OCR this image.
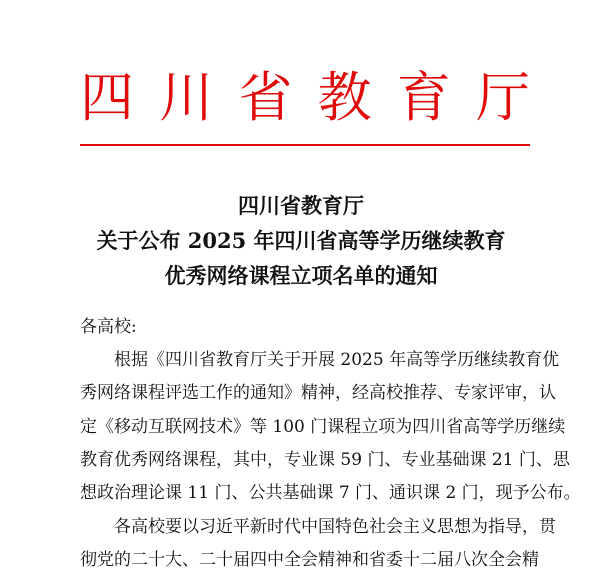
四 川 省 教 育 厅
四川省教育厅
关于公布 2025 年四川省高等学历继续教育
优秀网络课程立项名单的通知
各高校:
根据《四川省教育厅关于开展 2025 年高等学历继续教育优
秀网络课程评选工作的通知》精神，经高校推荐、专家评审，认
定《移动互联网技术》等 100 门课程立项为四川省高等学历继续
教育优秀网络课程，其中，专业课 59 门、专业基础课 21 门、思
想政治理论课 11 门、公共基础课 7 门、通识课 2 门，现予公布。
各高校要以习近平新时代中国特色社会主义思想为指导，贯
彻党的二十大、二十届四中全会精神和省委十二届八次全会精
